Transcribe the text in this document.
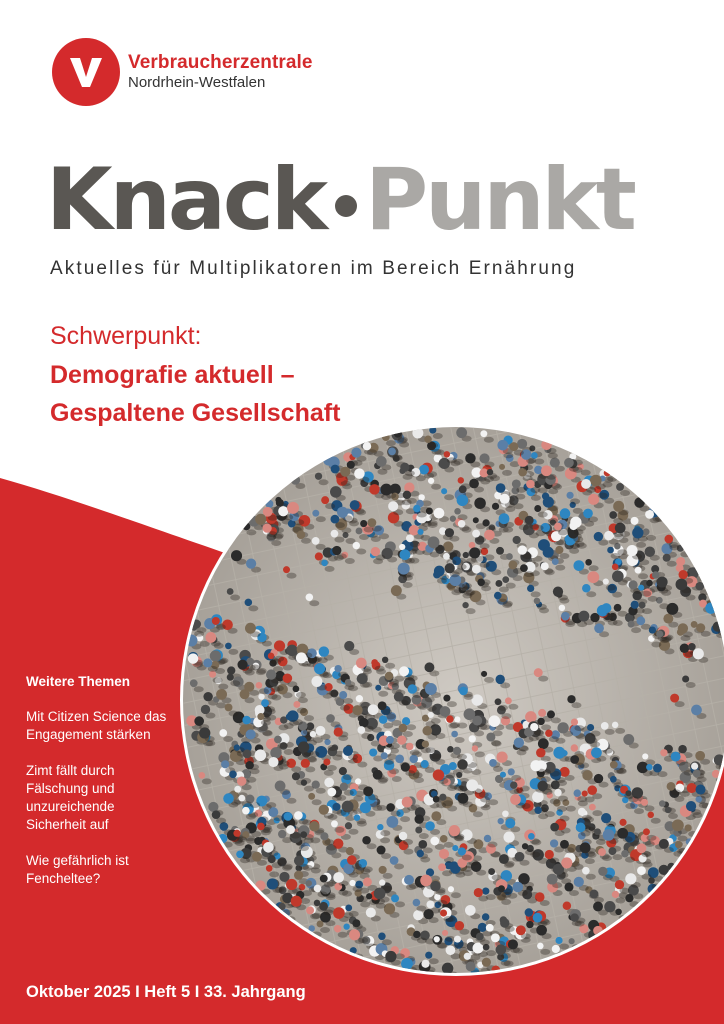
Verbraucherzentrale
Nordrhein-Westfalen
Knack Punkt
Aktuelles für Multiplikatoren im Bereich Ernährung
Schwerpunkt:
Demografie aktuell – Gespaltene Gesellschaft
Weitere Themen
Mit Citizen Science das Engagement stärken
Zimt fällt durch Fälschung und unzureichende Sicherheit auf
Wie gefährlich ist Fencheltee?
Oktober 2025 I Heft 5 I 33. Jahrgang
